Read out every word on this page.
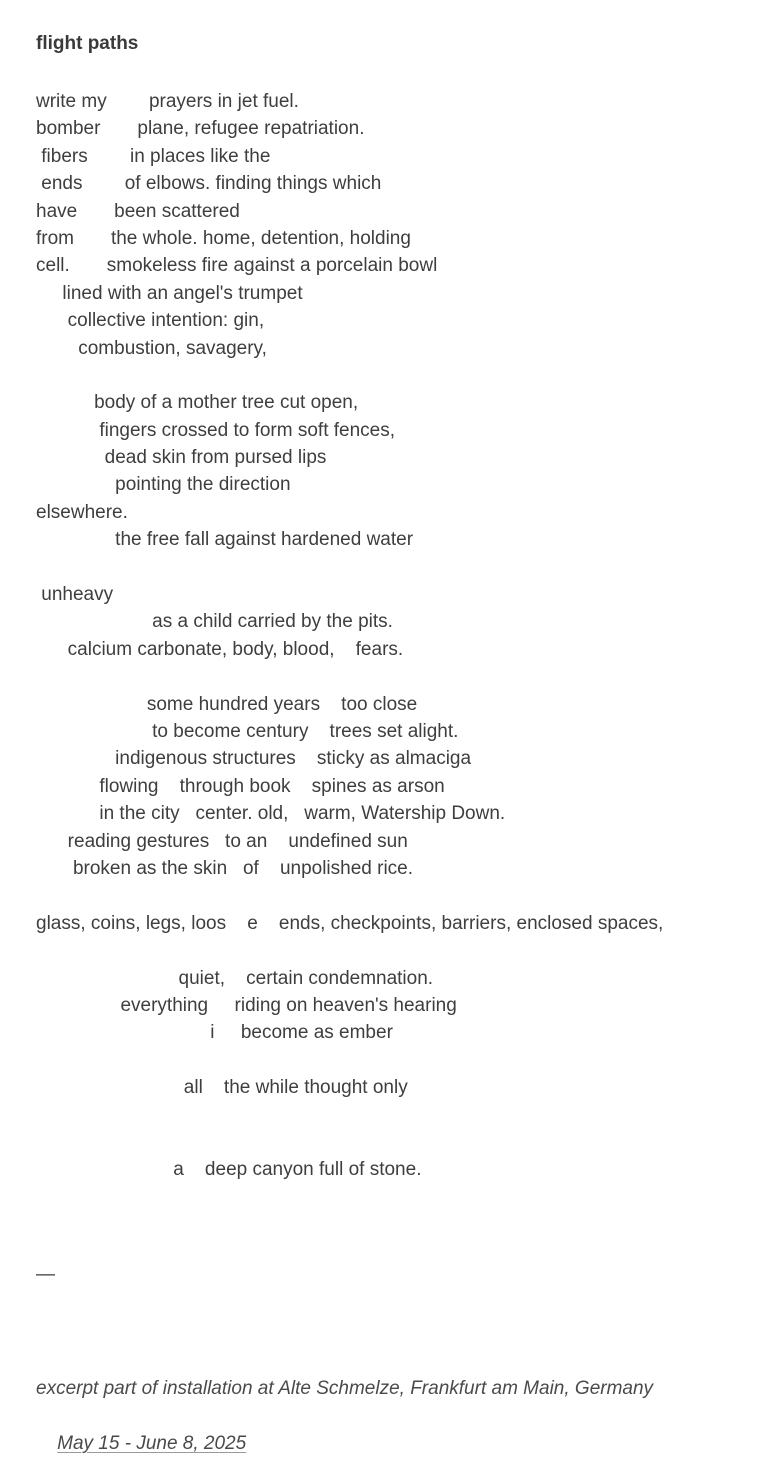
flight paths
write my        prayers in jet fuel.
bomber       plane, refugee repatriation.
fibers        in places like the
ends        of elbows. finding things which
have       been scattered
from       the whole. home, detention, holding
cell.       smokeless fire against a porcelain bowl
lined with an angel's trumpet
collective intention: gin,
combustion, savagery,

body of a mother tree cut open,
fingers crossed to form soft fences,
dead skin from pursed lips
pointing the direction
elsewhere.
the free fall against hardened water

unheavy
as a child carried by the pits.
calcium carbonate, body, blood,    fears.

some hundred years    too close
to become century    trees set alight.
indigenous structures    sticky as almaciga
flowing    through book    spines as arson
in the city   center. old,   warm, Watership Down.
reading gestures   to an    undefined sun
broken as the skin   of    unpolished rice.

glass, coins, legs, loos    e    ends, checkpoints, barriers, enclosed spaces,

quiet,    certain condemnation.
everything     riding on heaven's hearing
i     become as ember

all    the while thought only

a    deep canyon full of stone.
—

excerpt part of installation at Alte Schmelze, Frankfurt am Main, Germany

May 15 - June 8, 2025
